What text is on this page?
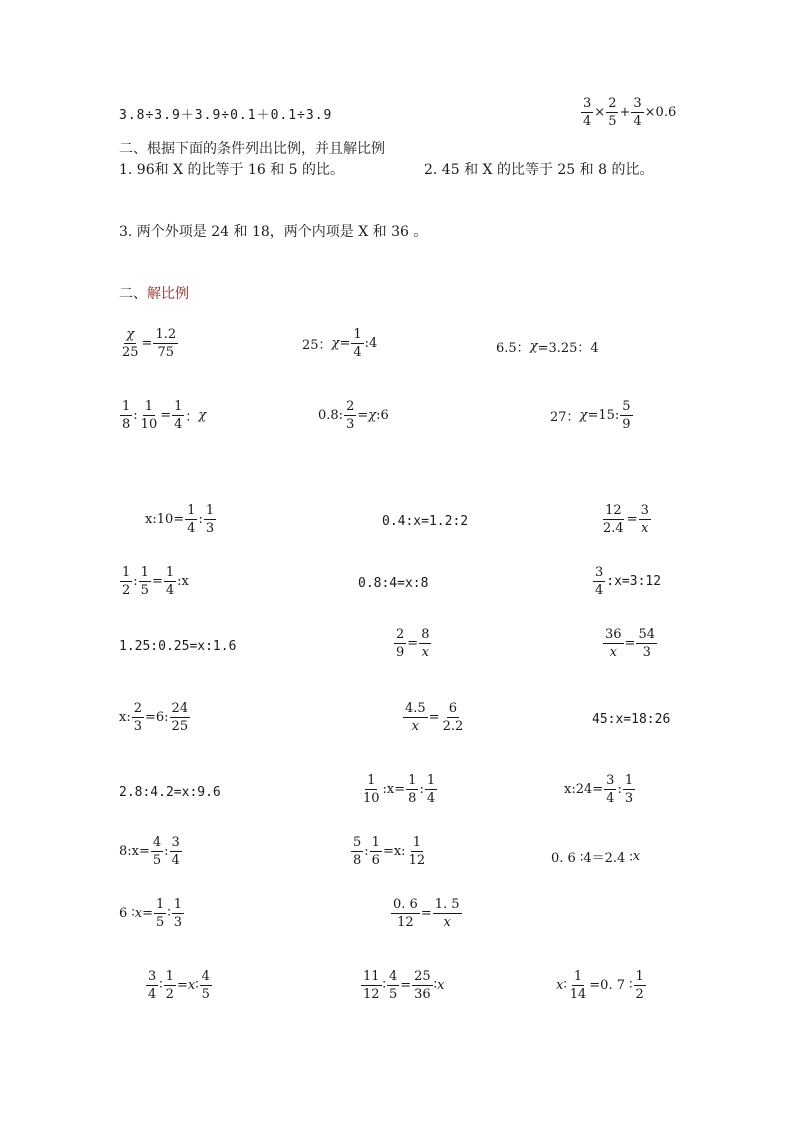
3.8÷3.9＋3.9÷0.1＋0.1÷3.9	$\frac{3}{4} \times \frac{2}{5} + \frac{3}{4} \times 0.6$
二、根据下面的条件列出比例，并且解比例
1. 96和 X 的比等于 16 和 5 的比。	2. 45 和 X 的比等于 25 和 8 的比。
3. 两个外项是 24 和 18，两个内项是 X 和 36 。
二、解比例
$\frac{\chi}{25} = \frac{1.2}{75}$	25： $\chi = \frac{1}{4}$ :4	6.5： χ =3.25：4
$\frac{1}{8}$ : $\frac{1}{10} = \frac{1}{4}$ ： χ	0.8: $\frac{2}{3} = \chi$ :6	27： χ =15: $\frac{5}{9}$
x:10= $\frac{1}{4}$ : $\frac{1}{3}$	0.4:x=1.2:2	$\frac{12}{2.4} = \frac{3}{x}$
$\frac{1}{2}$ : $\frac{1}{5} = \frac{1}{4}$ :x	0.8:4=x:8	$\frac{3}{4}$ :x=3:12
1.25:0.25=x:1.6	$\frac{2}{9} = \frac{8}{x}$	$\frac{36}{x} = \frac{54}{3}$
x: $\frac{2}{3} =6$: $\frac{24}{25}$	$\frac{4.5}{x} = \frac{6}{2.2}$	45:x=18:26
2.8:4.2=x:9.6	$\frac{1}{10}$ :x= $\frac{1}{8}$ : $\frac{1}{4}$	x:24= $\frac{3}{4}$ : $\frac{1}{3}$
8:x= $\frac{4}{5}$ : $\frac{3}{4}$	$\frac{5}{8}$ : $\frac{1}{6} =x$: $\frac{1}{12}$	0. 6 ∶4＝2.4 ∶ x
6 ∶ $x = \frac{1}{5}$ ∶ $\frac{1}{3}$	$\frac{0. 6}{12} = \frac{1. 5}{x}$
$\frac{3}{4}$ ∶ $\frac{1}{2} = x$ ∶ $\frac{4}{5}$	$\frac{11}{12}$ ∶ $\frac{4}{5} = \frac{25}{36}$ ∶ x	x ∶ $\frac{1}{14} =0$. 7 ∶ $\frac{1}{2}$
